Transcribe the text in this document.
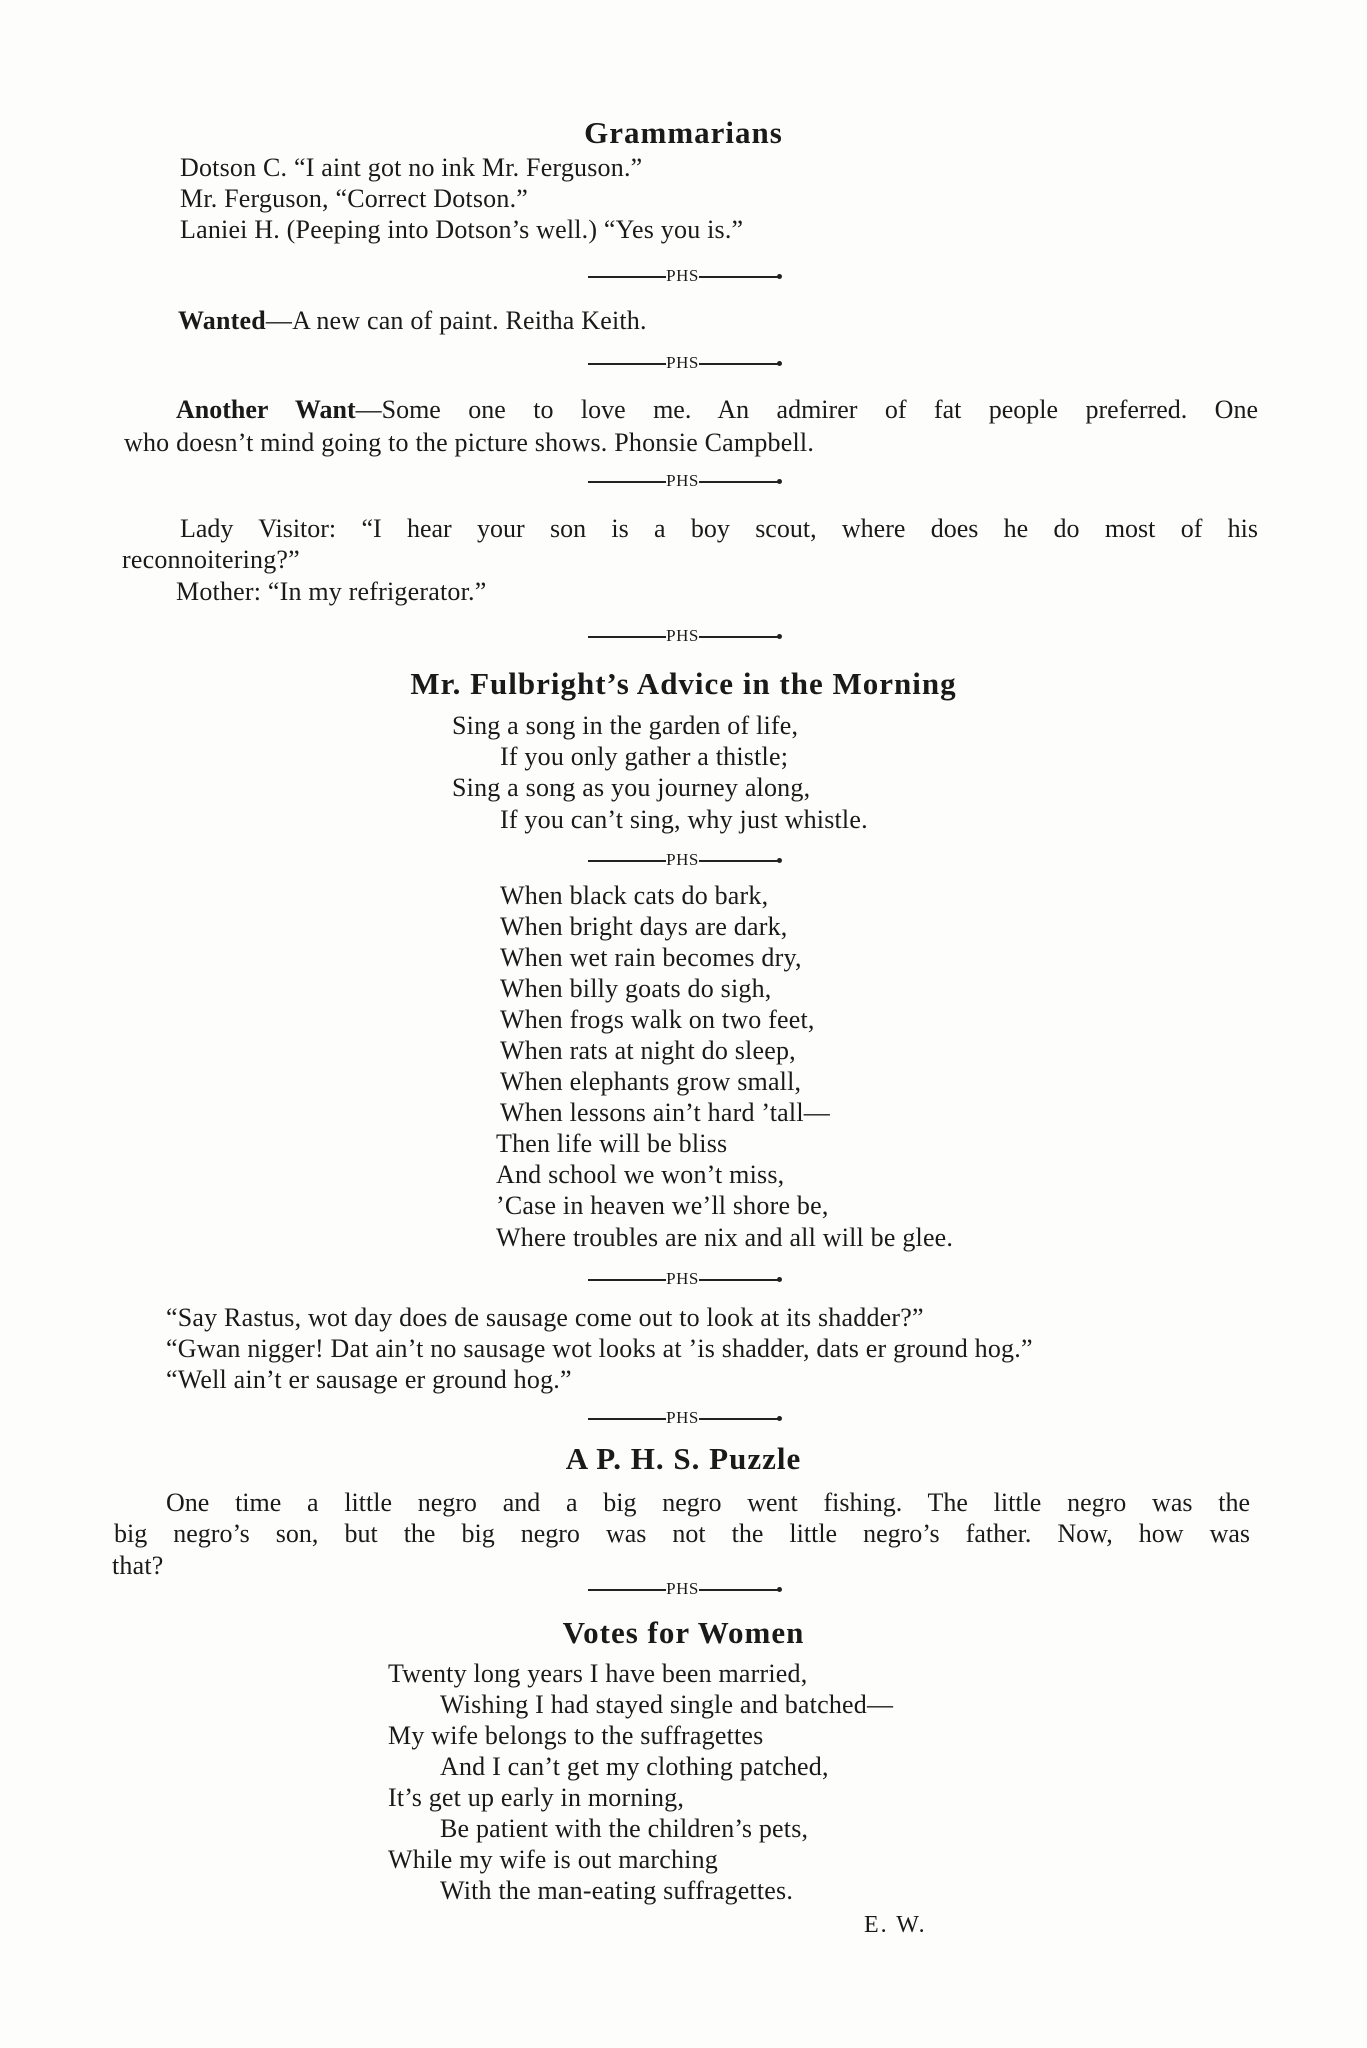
Grammarians
Dotson C. “I aint got no ink Mr. Ferguson.”
Mr. Ferguson, “Correct Dotson.”
Laniei H. (Peeping into Dotson’s well.) “Yes you is.”
PHS
Wanted—A new can of paint. Reitha Keith.
PHS
Another Want—Some one to love me. An admirer of fat people preferred. One
who doesn’t mind going to the picture shows. Phonsie Campbell.
PHS
Lady Visitor: “I hear your son is a boy scout, where does he do most of his
reconnoitering?”
Mother: “In my refrigerator.”
PHS
Mr. Fulbright’s Advice in the Morning
Sing a song in the garden of life,
If you only gather a thistle;
Sing a song as you journey along,
If you can’t sing, why just whistle.
PHS
When black cats do bark,
When bright days are dark,
When wet rain becomes dry,
When billy goats do sigh,
When frogs walk on two feet,
When rats at night do sleep,
When elephants grow small,
When lessons ain’t hard ’tall—
Then life will be bliss
And school we won’t miss,
’Case in heaven we’ll shore be,
Where troubles are nix and all will be glee.
PHS
“Say Rastus, wot day does de sausage come out to look at its shadder?”
“Gwan nigger! Dat ain’t no sausage wot looks at ’is shadder, dats er ground hog.”
“Well ain’t er sausage er ground hog.”
PHS
A P. H. S. Puzzle
One time a little negro and a big negro went fishing. The little negro was the
big negro’s son, but the big negro was not the little negro’s father. Now, how was
that?
PHS
Votes for Women
Twenty long years I have been married,
Wishing I had stayed single and batched—
My wife belongs to the suffragettes
And I can’t get my clothing patched,
It’s get up early in morning,
Be patient with the children’s pets,
While my wife is out marching
With the man-eating suffragettes.
E. W.
